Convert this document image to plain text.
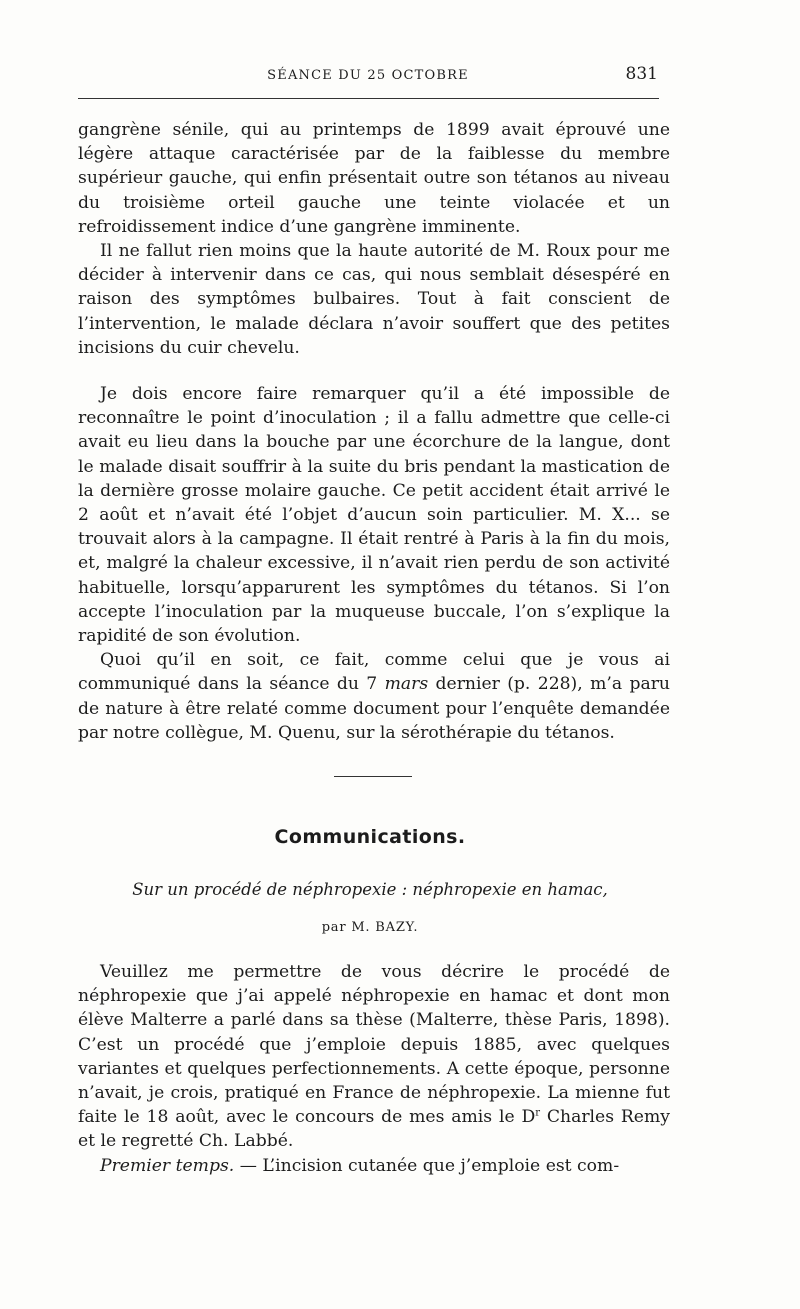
SÉANCE DU 25 OCTOBRE	831

gangrène sénile, qui au printemps de 1899 avait éprouvé une légère attaque caractérisée par de la faiblesse du membre supérieur gauche, qui enfin présentait outre son tétanos au niveau du troisième orteil gauche une teinte violacée et un refroidissement indice d’une gangrène imminente.

Il ne fallut rien moins que la haute autorité de M. Roux pour me décider à intervenir dans ce cas, qui nous semblait désespéré en raison des symptômes bulbaires. Tout à fait conscient de l’intervention, le malade déclara n’avoir souffert que des petites incisions du cuir chevelu.

Je dois encore faire remarquer qu’il a été impossible de reconnaître le point d’inoculation ; il a fallu admettre que celle-ci avait eu lieu dans la bouche par une écorchure de la langue, dont le malade disait souffrir à la suite du bris pendant la mastication de la dernière grosse molaire gauche. Ce petit accident était arrivé le 2 août et n’avait été l’objet d’aucun soin particulier. M. X... se trouvait alors à la campagne. Il était rentré à Paris à la fin du mois, et, malgré la chaleur excessive, il n’avait rien perdu de son activité habituelle, lorsqu’apparurent les symptômes du tétanos. Si l’on accepte l’inoculation par la muqueuse buccale, l’on s’explique la rapidité de son évolution.

Quoi qu’il en soit, ce fait, comme celui que je vous ai communiqué dans la séance du 7 mars dernier (p. 228), m’a paru de nature à être relaté comme document pour l’enquête demandée par notre collègue, M. Quenu, sur la sérothérapie du tétanos.

Communications.
Sur un procédé de néphropexie : néphropexie en hamac,
par M. BAZY.

Veuillez me permettre de vous décrire le procédé de néphropexie que j’ai appelé néphropexie en hamac et dont mon élève Malterre a parlé dans sa thèse (Malterre, thèse Paris, 1898). C’est un procédé que j’emploie depuis 1885, avec quelques variantes et quelques perfectionnements. A cette époque, personne n’avait, je crois, pratiqué en France de néphropexie. La mienne fut faite le 18 août, avec le concours de mes amis le $D^r$ Charles Remy et le regretté Ch. Labbé.

Premier temps. — L’incision cutanée que j’emploie est com-
